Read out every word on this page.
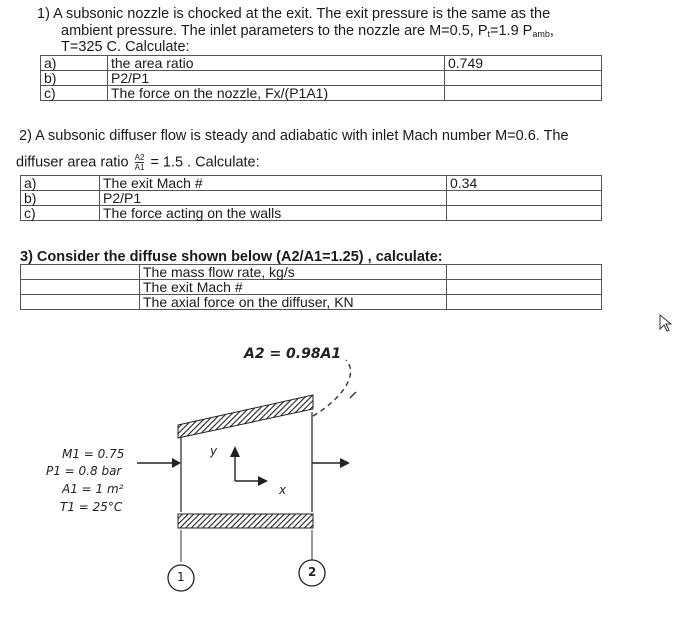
1) A subsonic nozzle is chocked at the exit. The exit pressure is the same as the
ambient pressure. The inlet parameters to the nozzle are M=0.5, $P_t=1.9$ $P_{amb}$,
T=325 C. Calculate:
a)	the area ratio	0.749
b)	P2/P1	
c)	The force on the nozzle, Fx/(P1A1)	
2) A subsonic diffuser flow is steady and adiabatic with inlet Mach number M=0.6. The
diffuser area ratio $\frac{A2}{A1} = 1.5$ . Calculate:
a)	The exit Mach #	0.34
b)	P2/P1	
c)	The force acting on the walls	
3) Consider the diffuse shown below (A2/A1=1.25) , calculate:
	The mass flow rate, kg/s	
	The exit Mach #	
	The axial force on the diffuser, KN	
A2 = 0.98A1
y
x
1	2
M1 = 0.75
P1 = 0.8 bar
A1 = 1 m²
T1 = 25°C
